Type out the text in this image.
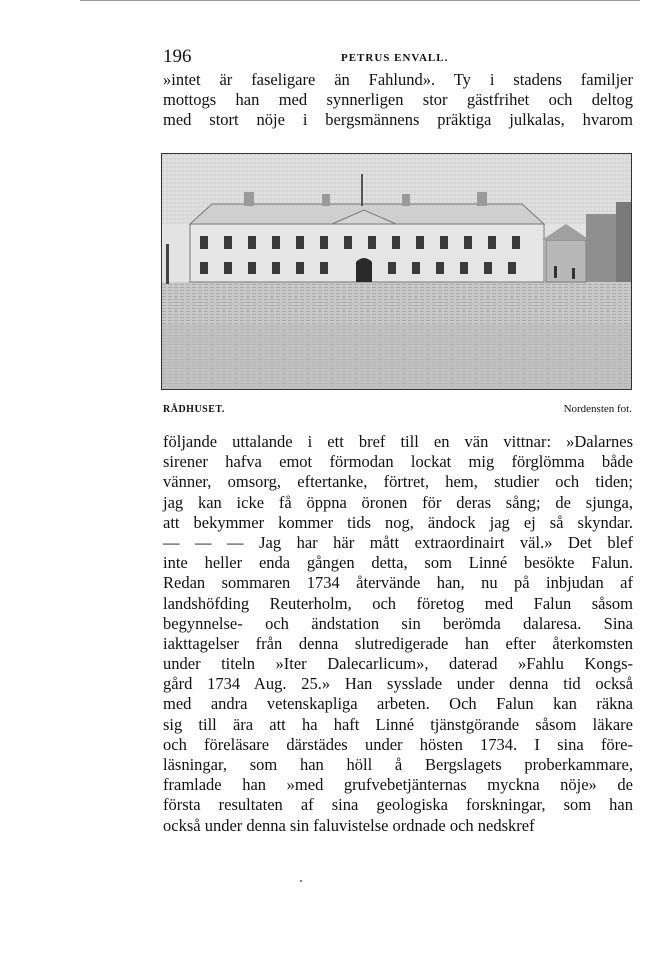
196	PETRUS ENVALL.
»intet är faseligare än Fahlund». Ty i stadens familjer
mottogs han med synnerligen stor gästfrihet och deltog
med stort nöje i bergsmännens präktiga julkalas, hvarom
RÅDHUSET.	Nordensten fot.
följande uttalande i ett bref till en vän vittnar: »Dalarnes
sirener hafva emot förmodan lockat mig förglömma både
vänner, omsorg, eftertanke, förtret, hem, studier och tiden;
jag kan icke få öppna öronen för deras sång; de sjunga,
att bekymmer kommer tids nog, ändock jag ej så skyndar.
— — — Jag har här mått extraordinairt väl.» Det blef
inte heller enda gången detta, som Linné besökte Falun.
Redan sommaren 1734 återvände han, nu på inbjudan af
landshöfding Reuterholm, och företog med Falun såsom
begynnelse- och ändstation sin berömda dalaresa. Sina
iakttagelser från denna slutredigerade han efter återkomsten
under titeln »Iter Dalecarlicum», daterad »Fahlu Kongs-
gård 1734 Aug. 25.» Han sysslade under denna tid också
med andra vetenskapliga arbeten. Och Falun kan räkna
sig till ära att ha haft Linné tjänstgörande såsom läkare
och föreläsare därstädes under hösten 1734. I sina före-
läsningar, som han höll å Bergslagets proberkammare,
framlade han »med grufvebetjänternas myckna nöje» de
första resultaten af sina geologiska forskningar, som han
också under denna sin faluvistelse ordnade och nedskref
